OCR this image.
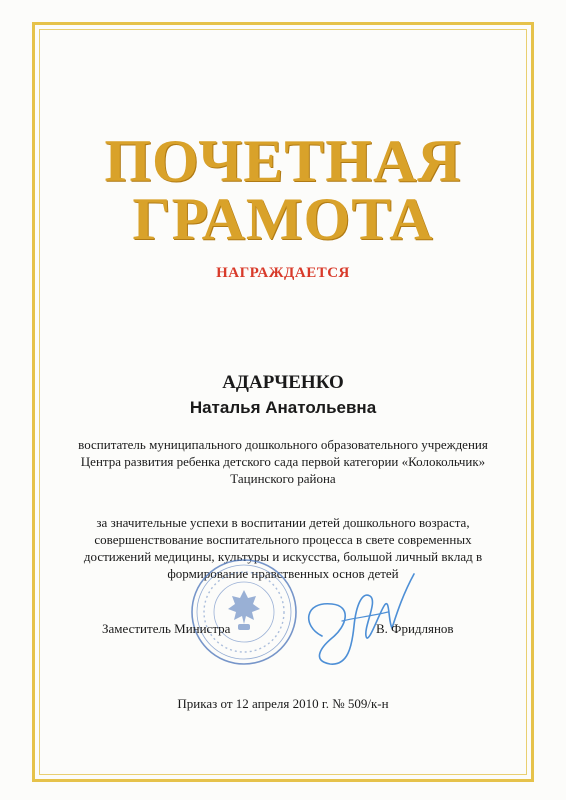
ПОЧЕТНАЯ
ГРАМОТА
НАГРАЖДАЕТСЯ
АДАРЧЕНКО
Наталья Анатольевна
воспитатель муниципального дошкольного образовательного учреждения
Центра развития ребенка детского сада первой категории «Колокольчик»
Тацинского района
за значительные успехи в воспитании детей дошкольного возраста,
совершенствование воспитательного процесса в свете современных
достижений медицины, культуры и искусства, большой личный вклад в
формирование нравственных основ детей
Заместитель Министра	В. Фридлянов
Приказ от 12 апреля 2010 г. № 509/к-н
